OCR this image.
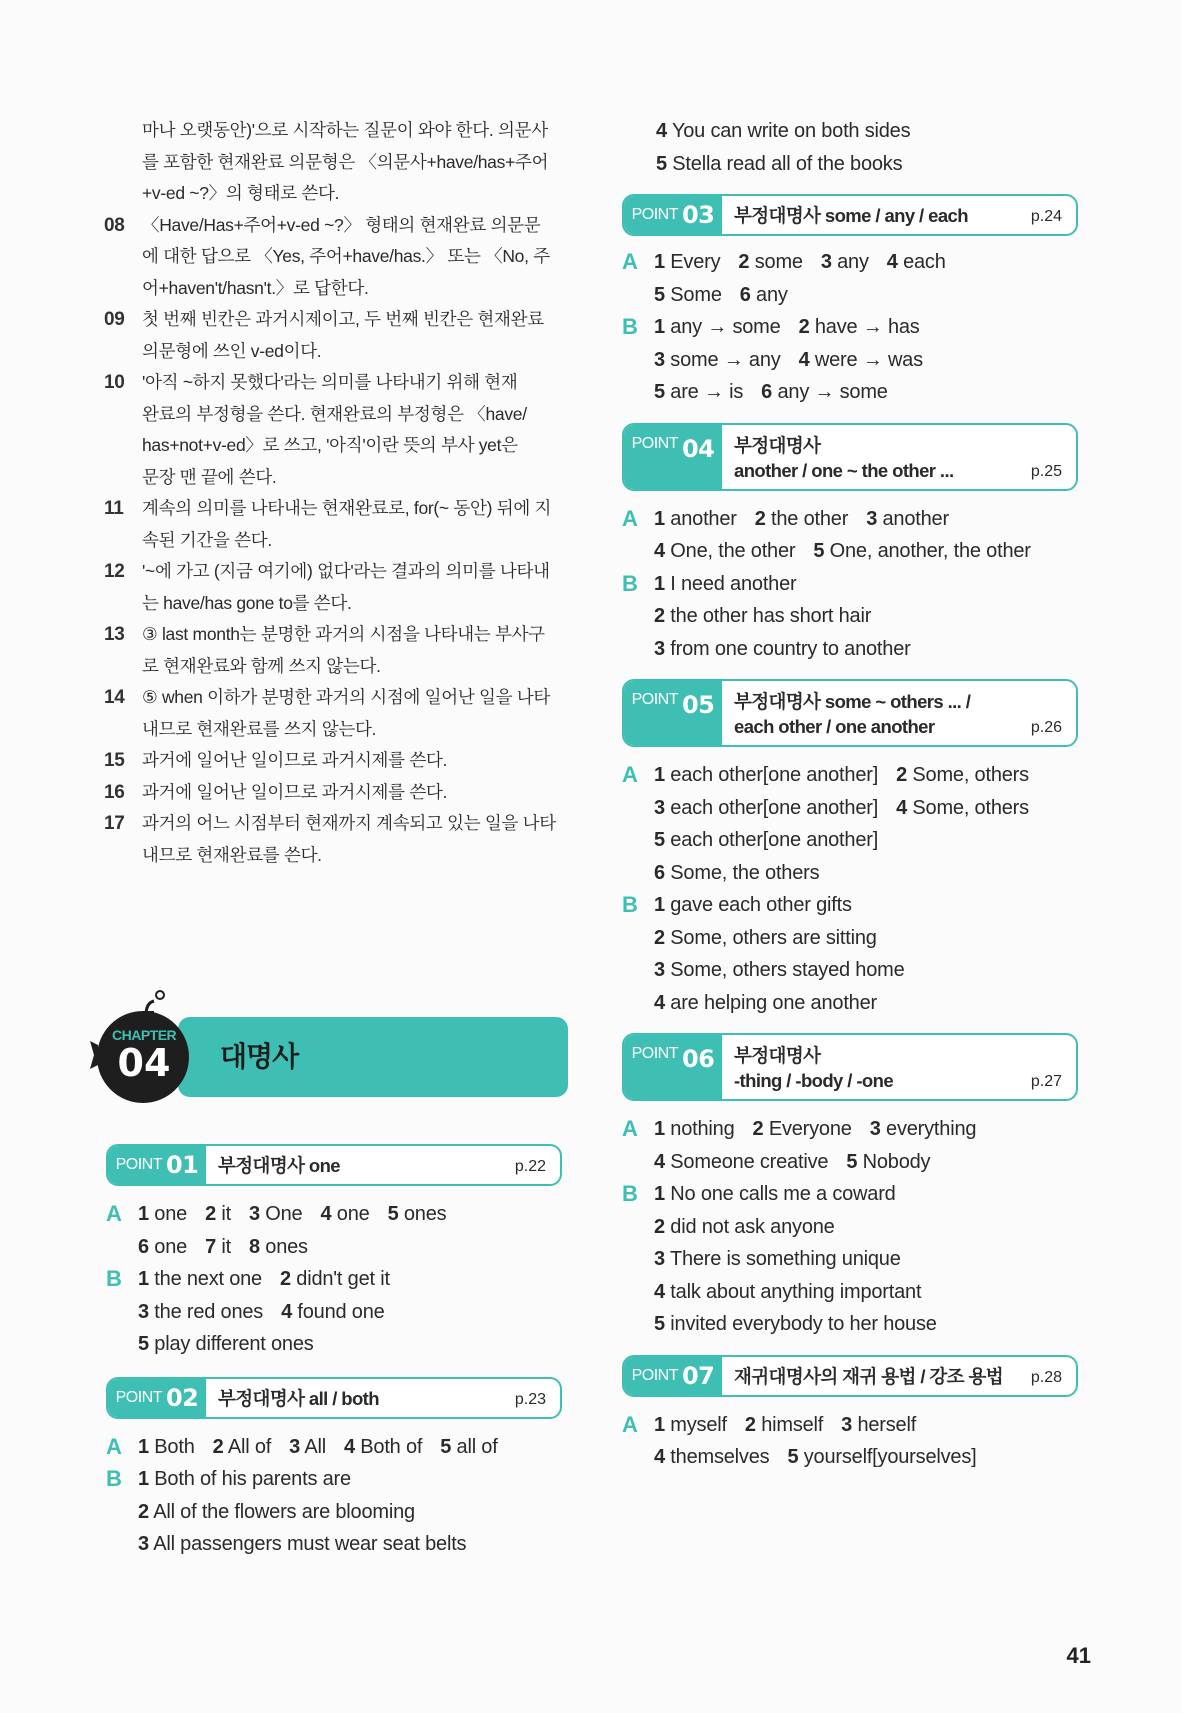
마나 오랫동안)'으로 시작하는 질문이 와야 한다. 의문사
를 포함한 현재완료 의문형은 〈의문사+have/has+주어
+v-ed ~?〉의 형태로 쓴다.
08 〈Have/Has+주어+v-ed ~?〉 형태의 현재완료 의문문
에 대한 답으로 〈Yes, 주어+have/has.〉 또는 〈No, 주
어+haven't/hasn't.〉로 답한다.
09 첫 번째 빈칸은 과거시제이고, 두 번째 빈칸은 현재완료
의문형에 쓰인 v-ed이다.
10 '아직 ~하지 못했다'라는 의미를 나타내기 위해 현재
완료의 부정형을 쓴다. 현재완료의 부정형은 〈have/
has+not+v-ed〉로 쓰고, '아직'이란 뜻의 부사 yet은
문장 맨 끝에 쓴다.
11	계속의 의미를 나타내는 현재완료로, for(~ 동안) 뒤에 지
속된 기간을 쓴다.
12 '~에 가고 (지금 여기에) 없다'라는 결과의 의미를 나타내
는 have/has gone to를 쓴다.
13 ③ last month는 분명한 과거의 시점을 나타내는 부사구
로 현재완료와 함께 쓰지 않는다.
14 ⑤ when 이하가 분명한 과거의 시점에 일어난 일을 나타
내므로 현재완료를 쓰지 않는다.
15 과거에 일어난 일이므로 과거시제를 쓴다.
16 과거에 일어난 일이므로 과거시제를 쓴다.
17 과거의 어느 시점부터 현재까지 계속되고 있는 일을 나타
내므로 현재완료를 쓴다.
CHAPTER
04 대명사
POINT 01	부정대명사 one	p.22
A 1 one 2 it 3 One 4 one 5 ones
6 one 7 it 8 ones
B 1 the next one 2 didn't get it
3 the red ones 4 found one
5 play different ones
POINT 02	부정대명사 all / both	p.23
A 1 Both 2 All of 3 All 4 Both of 5 all of
B 1 Both of his parents are
2 All of the flowers are blooming
3 All passengers must wear seat belts
4 You can write on both sides
5 Stella read all of the books
POINT 03	부정대명사 some / any / each	p.24
A 1 Every 2 some 3 any 4 each
5 Some 6 any
B 1 any → some 2 have → has
3 some → any 4 were → was
5 are → is 6 any → some
POINT 04 부정대명사
another / one ~ the other ...	p.25
A 1 another 2 the other 3 another
4 One, the other 5 One, another, the other
B 1 I need another
2 the other has short hair
3 from one country to another
POINT 05 부정대명사 some ~ others ... /
each other / one another	p.26
A 1 each other[one another] 2 Some, others
3 each other[one another] 4 Some, others
5 each other[one another]
6 Some, the others
B 1 gave each other gifts
2 Some, others are sitting
3 Some, others stayed home
4 are helping one another
POINT 06 부정대명사
-thing / -body / -one	p.27
A 1 nothing 2 Everyone 3 everything
4 Someone creative 5 Nobody
B 1 No one calls me a coward
2 did not ask anyone
3 There is something unique
4 talk about anything important
5 invited everybody to her house
POINT 07	재귀대명사의 재귀 용법 / 강조 용법	p.28
A 1 myself 2 himself 3 herself
4 themselves 5 yourself[yourselves]
41
